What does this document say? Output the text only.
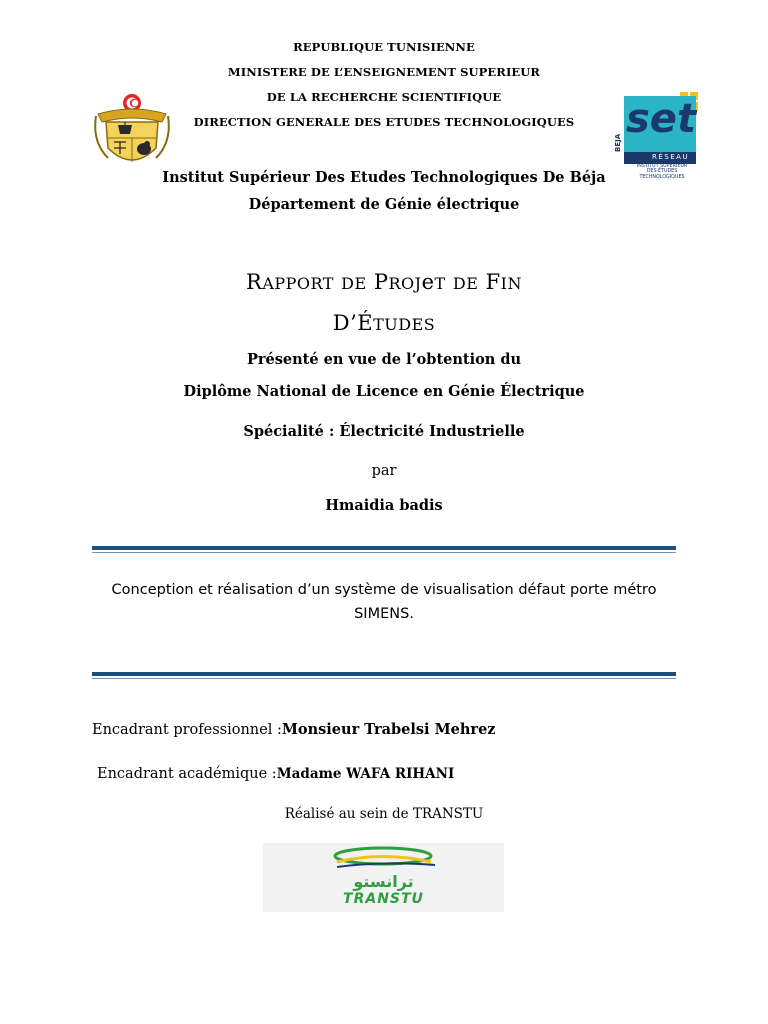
REPUBLIQUE TUNISIENNE
MINISTERE DE L’ENSEIGNEMENT SUPERIEUR
DE LA RECHERCHE SCIENTIFIQUE
DIRECTION GENERALE DES ETUDES TECHNOLOGIQUES	set
BEJA
RÉSEAU
INSTITUT SUPÉRIEUR
DES ÉTUDES
TECHNOLOGIQUES
Institut Supérieur Des Etudes Technologiques De Béja
Département de Génie électrique
RAPPORT DE PROJeT DE FIN
D’ÉTUDES
Présenté en vue de l’obtention du
Diplôme National de Licence en Génie Électrique
Spécialité : Électricité Industrielle
par
Hmaidia badis
Conception et réalisation d’un système de visualisation défaut porte métro
SIMENS.
Encadrant professionnel :Monsieur Trabelsi Mehrez
Encadrant académique :Madame WAFA RIHANI
Réalisé au sein de TRANSTU
ترانستو
TRANSTU
